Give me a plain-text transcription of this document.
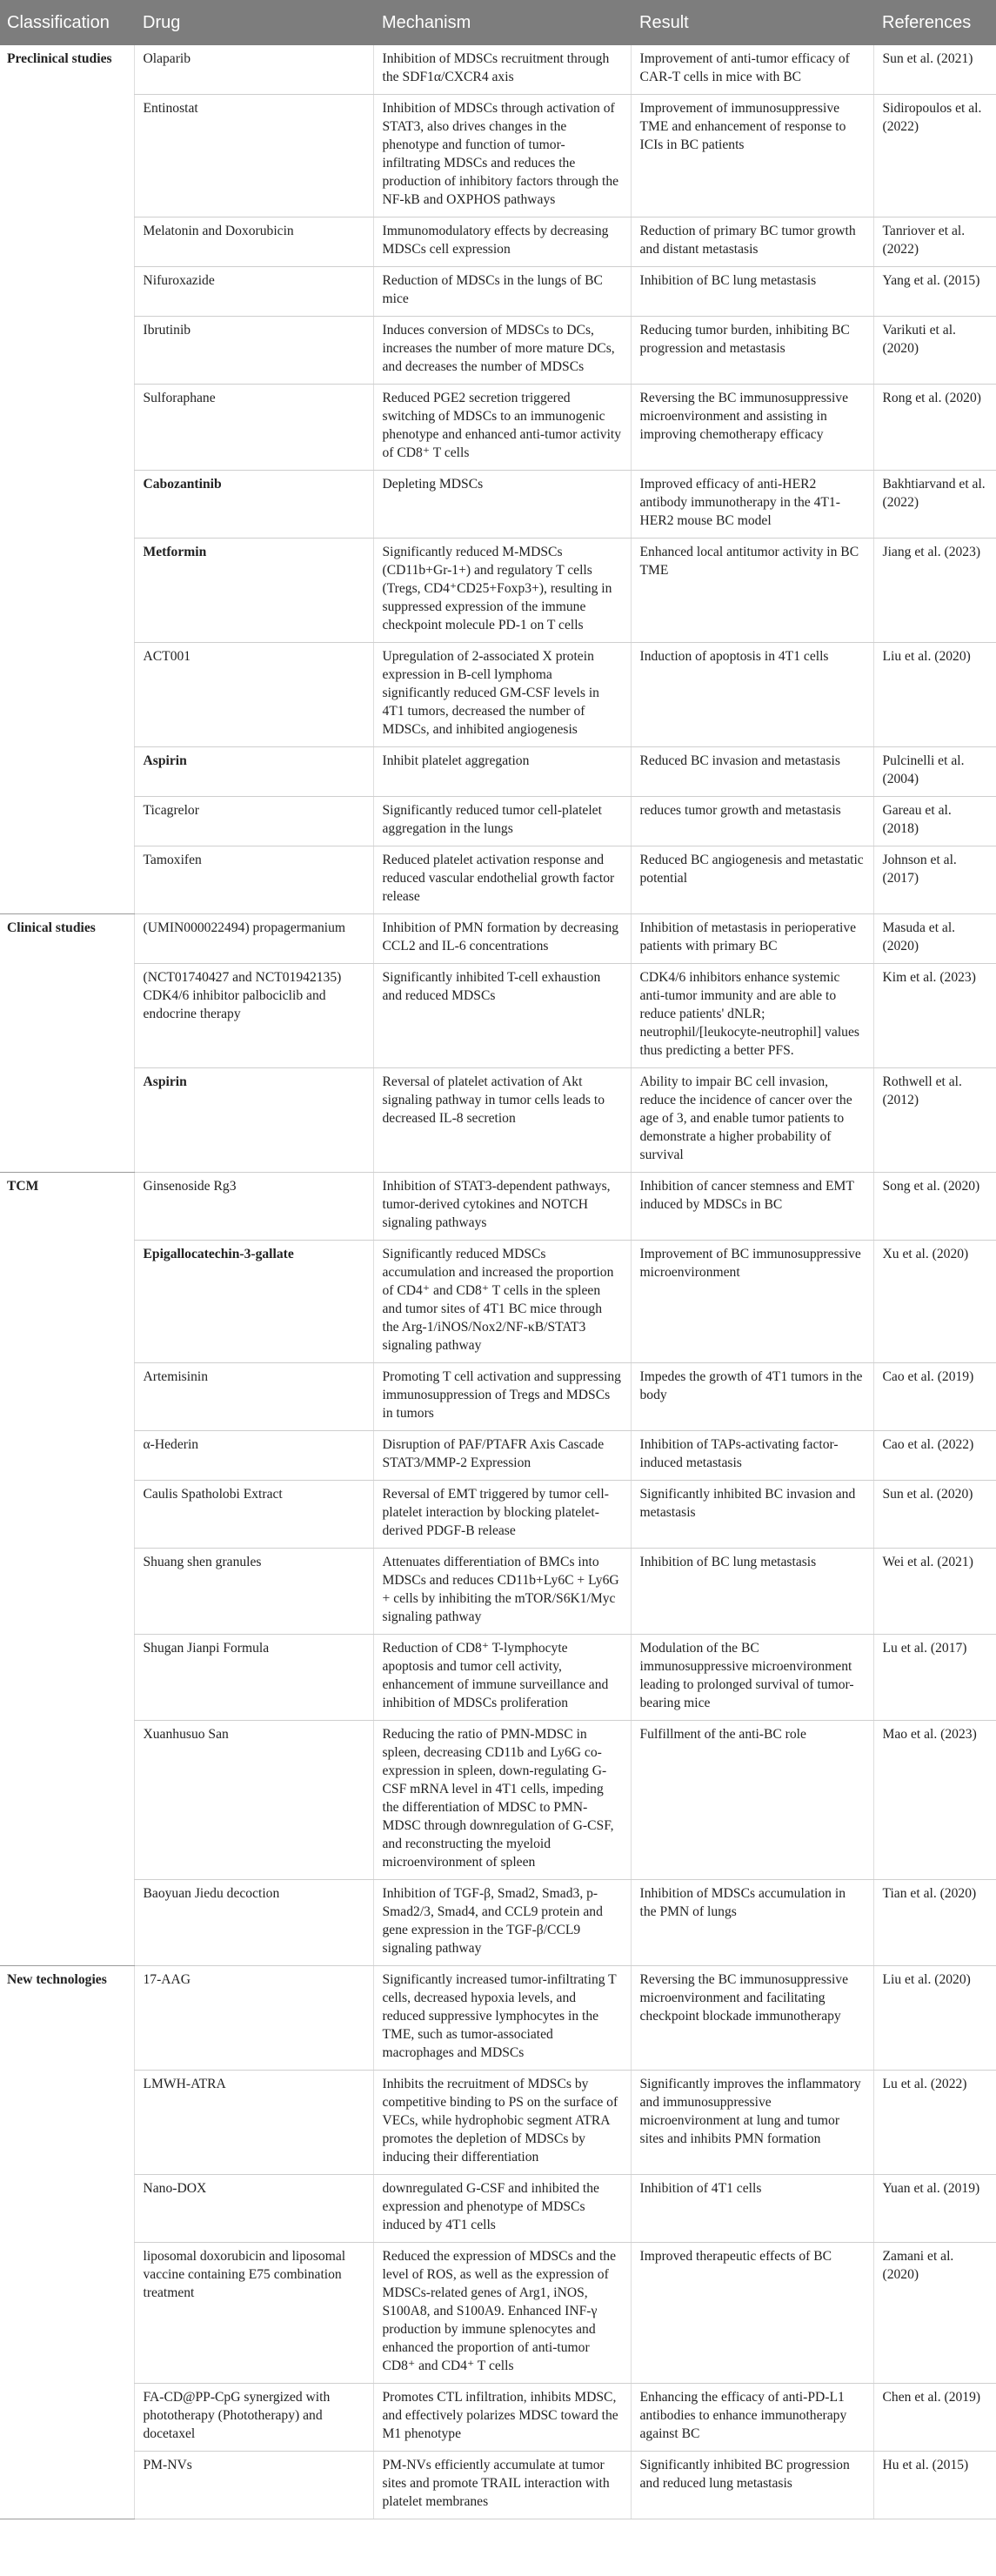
Classification	Drug	Mechanism	Result	References
Preclinical studies	Olaparib	Inhibition of MDSCs recruitment through the SDF1α/CXCR4 axis	Improvement of anti-tumor efficacy of CAR-T cells in mice with BC	Sun et al. (2021)
	Entinostat	Inhibition of MDSCs through activation of STAT3, also drives changes in the phenotype and function of tumor-infiltrating MDSCs and reduces the production of inhibitory factors through the NF-kB and OXPHOS pathways	Improvement of immunosuppressive TME and enhancement of response to ICIs in BC patients	Sidiropoulos et al. (2022)
	Melatonin and Doxorubicin	Immunomodulatory effects by decreasing MDSCs cell expression	Reduction of primary BC tumor growth and distant metastasis	Tanriover et al. (2022)
	Nifuroxazide	Reduction of MDSCs in the lungs of BC mice	Inhibition of BC lung metastasis	Yang et al. (2015)
	Ibrutinib	Induces conversion of MDSCs to DCs, increases the number of more mature DCs, and decreases the number of MDSCs	Reducing tumor burden, inhibiting BC progression and metastasis	Varikuti et al. (2020)
	Sulforaphane	Reduced PGE2 secretion triggered switching of MDSCs to an immunogenic phenotype and enhanced anti-tumor activity of CD8⁺ T cells	Reversing the BC immunosuppressive microenvironment and assisting in improving chemotherapy efficacy	Rong et al. (2020)
	Cabozantinib	Depleting MDSCs	Improved efficacy of anti-HER2 antibody immunotherapy in the 4T1-HER2 mouse BC model	Bakhtiarvand et al. (2022)
	Metformin	Significantly reduced M-MDSCs (CD11b+Gr-1+) and regulatory T cells (Tregs, CD4⁺CD25+Foxp3+), resulting in suppressed expression of the immune checkpoint molecule PD-1 on T cells	Enhanced local antitumor activity in BC TME	Jiang et al. (2023)
	ACT001	Upregulation of 2-associated X protein expression in B-cell lymphoma significantly reduced GM-CSF levels in 4T1 tumors, decreased the number of MDSCs, and inhibited angiogenesis	Induction of apoptosis in 4T1 cells	Liu et al. (2020)
	Aspirin	Inhibit platelet aggregation	Reduced BC invasion and metastasis	Pulcinelli et al. (2004)
	Ticagrelor	Significantly reduced tumor cell-platelet aggregation in the lungs	reduces tumor growth and metastasis	Gareau et al. (2018)
	Tamoxifen	Reduced platelet activation response and reduced vascular endothelial growth factor release	Reduced BC angiogenesis and metastatic potential	Johnson et al. (2017)
Clinical studies	(UMIN000022494) propagermanium	Inhibition of PMN formation by decreasing CCL2 and IL-6 concentrations	Inhibition of metastasis in perioperative patients with primary BC	Masuda et al. (2020)
	(NCT01740427 and NCT01942135) CDK4/6 inhibitor palbociclib and endocrine therapy	Significantly inhibited T-cell exhaustion and reduced MDSCs	CDK4/6 inhibitors enhance systemic anti-tumor immunity and are able to reduce patients' dNLR; neutrophil/[leukocyte-neutrophil] values thus predicting a better PFS.	Kim et al. (2023)
	Aspirin	Reversal of platelet activation of Akt signaling pathway in tumor cells leads to decreased IL-8 secretion	Ability to impair BC cell invasion, reduce the incidence of cancer over the age of 3, and enable tumor patients to demonstrate a higher probability of survival	Rothwell et al. (2012)
TCM	Ginsenoside Rg3	Inhibition of STAT3-dependent pathways, tumor-derived cytokines and NOTCH signaling pathways	Inhibition of cancer stemness and EMT induced by MDSCs in BC	Song et al. (2020)
	Epigallocatechin-3-gallate	Significantly reduced MDSCs accumulation and increased the proportion of CD4⁺ and CD8⁺ T cells in the spleen and tumor sites of 4T1 BC mice through the Arg-1/iNOS/Nox2/NF-κB/STAT3 signaling pathway	Improvement of BC immunosuppressive microenvironment	Xu et al. (2020)
	Artemisinin	Promoting T cell activation and suppressing immunosuppression of Tregs and MDSCs in tumors	Impedes the growth of 4T1 tumors in the body	Cao et al. (2019)
	α-Hederin	Disruption of PAF/PTAFR Axis Cascade STAT3/MMP-2 Expression	Inhibition of TAPs-activating factor-induced metastasis	Cao et al. (2022)
	Caulis Spatholobi Extract	Reversal of EMT triggered by tumor cell-platelet interaction by blocking platelet-derived PDGF-B release	Significantly inhibited BC invasion and metastasis	Sun et al. (2020)
	Shuang shen granules	Attenuates differentiation of BMCs into MDSCs and reduces CD11b+Ly6C + Ly6G + cells by inhibiting the mTOR/S6K1/Myc signaling pathway	Inhibition of BC lung metastasis	Wei et al. (2021)
	Shugan Jianpi Formula	Reduction of CD8⁺ T-lymphocyte apoptosis and tumor cell activity, enhancement of immune surveillance and inhibition of MDSCs proliferation	Modulation of the BC immunosuppressive microenvironment leading to prolonged survival of tumor-bearing mice	Lu et al. (2017)
	Xuanhusuo San	Reducing the ratio of PMN-MDSC in spleen, decreasing CD11b and Ly6G co-expression in spleen, down-regulating G-CSF mRNA level in 4T1 cells, impeding the differentiation of MDSC to PMN-MDSC through downregulation of G-CSF, and reconstructing the myeloid microenvironment of spleen	Fulfillment of the anti-BC role	Mao et al. (2023)
	Baoyuan Jiedu decoction	Inhibition of TGF-β, Smad2, Smad3, p-Smad2/3, Smad4, and CCL9 protein and gene expression in the TGF-β/CCL9 signaling pathway	Inhibition of MDSCs accumulation in the PMN of lungs	Tian et al. (2020)
New technologies	17-AAG	Significantly increased tumor-infiltrating T cells, decreased hypoxia levels, and reduced suppressive lymphocytes in the TME, such as tumor-associated macrophages and MDSCs	Reversing the BC immunosuppressive microenvironment and facilitating checkpoint blockade immunotherapy	Liu et al. (2020)
	LMWH-ATRA	Inhibits the recruitment of MDSCs by competitive binding to PS on the surface of VECs, while hydrophobic segment ATRA promotes the depletion of MDSCs by inducing their differentiation	Significantly improves the inflammatory and immunosuppressive microenvironment at lung and tumor sites and inhibits PMN formation	Lu et al. (2022)
	Nano-DOX	downregulated G-CSF and inhibited the expression and phenotype of MDSCs induced by 4T1 cells	Inhibition of 4T1 cells	Yuan et al. (2019)
	liposomal doxorubicin and liposomal vaccine containing E75 combination treatment	Reduced the expression of MDSCs and the level of ROS, as well as the expression of MDSCs-related genes of Arg1, iNOS, S100A8, and S100A9. Enhanced INF-γ production by immune splenocytes and enhanced the proportion of anti-tumor CD8⁺ and CD4⁺ T cells	Improved therapeutic effects of BC	Zamani et al. (2020)
	FA-CD@PP-CpG synergized with phototherapy (Phototherapy) and docetaxel	Promotes CTL infiltration, inhibits MDSC, and effectively polarizes MDSC toward the M1 phenotype	Enhancing the efficacy of anti-PD-L1 antibodies to enhance immunotherapy against BC	Chen et al. (2019)
	PM-NVs	PM-NVs efficiently accumulate at tumor sites and promote TRAIL interaction with platelet membranes	Significantly inhibited BC progression and reduced lung metastasis	Hu et al. (2015)
